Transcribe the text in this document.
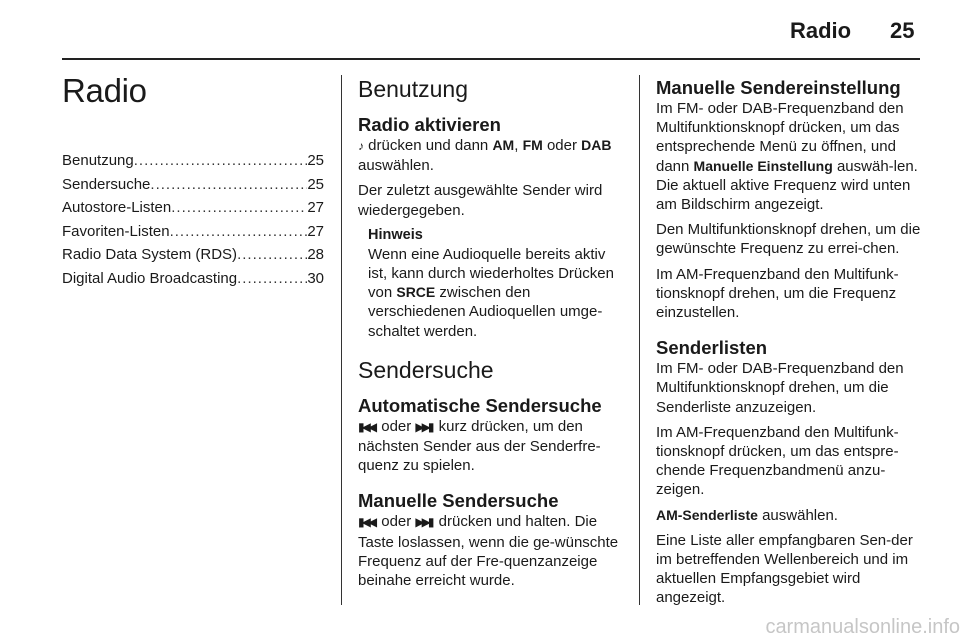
Radio 25
Radio
Benutzung .....	25
Sendersuche .....	25
Autostore-Listen .....	27
Favoriten-Listen .....	27
Radio Data System (RDS) .....	28
Digital Audio Broadcasting .....	30
Benutzung
Radio aktivieren

♪ drücken und dann AM, FM oder DAB auswählen.

Der zuletzt ausgewählte Sender wird wiedergegeben.

Hinweis

Wenn eine Audioquelle bereits aktiv ist, kann durch wiederholtes Drücken von SRCE zwischen den verschiedenen Audioquellen umge-schaltet werden.

Sendersuche
Automatische Sendersuche

▮◀◀ oder ▶▶▮ kurz drücken, um den nächsten Sender aus der Senderfre-quenz zu spielen.

Manuelle Sendersuche

▮◀◀ oder ▶▶▮ drücken und halten. Die Taste loslassen, wenn die ge-wünschte Frequenz auf der Fre-quenzanzeige beinahe erreicht wurde.

Manuelle Sendereinstellung

Im FM- oder DAB-Frequenzband den Multifunktionsknopf drücken, um das entsprechende Menü zu öffnen, und dann Manuelle Einstellung auswäh-len. Die aktuell aktive Frequenz wird unten am Bildschirm angezeigt.

Den Multifunktionsknopf drehen, um die gewünschte Frequenz zu errei-chen.

Im AM-Frequenzband den Multifunk-tionsknopf drehen, um die Frequenz einzustellen.

Senderlisten

Im FM- oder DAB-Frequenzband den Multifunktionsknopf drehen, um die Senderliste anzuzeigen.

Im AM-Frequenzband den Multifunk-tionsknopf drücken, um das entspre-chende Frequenzbandmenü anzu-zeigen.

AM-Senderliste auswählen.

Eine Liste aller empfangbaren Sen-der im betreffenden Wellenbereich und im aktuellen Empfangsgebiet wird angezeigt.

carmanualsonline.info
